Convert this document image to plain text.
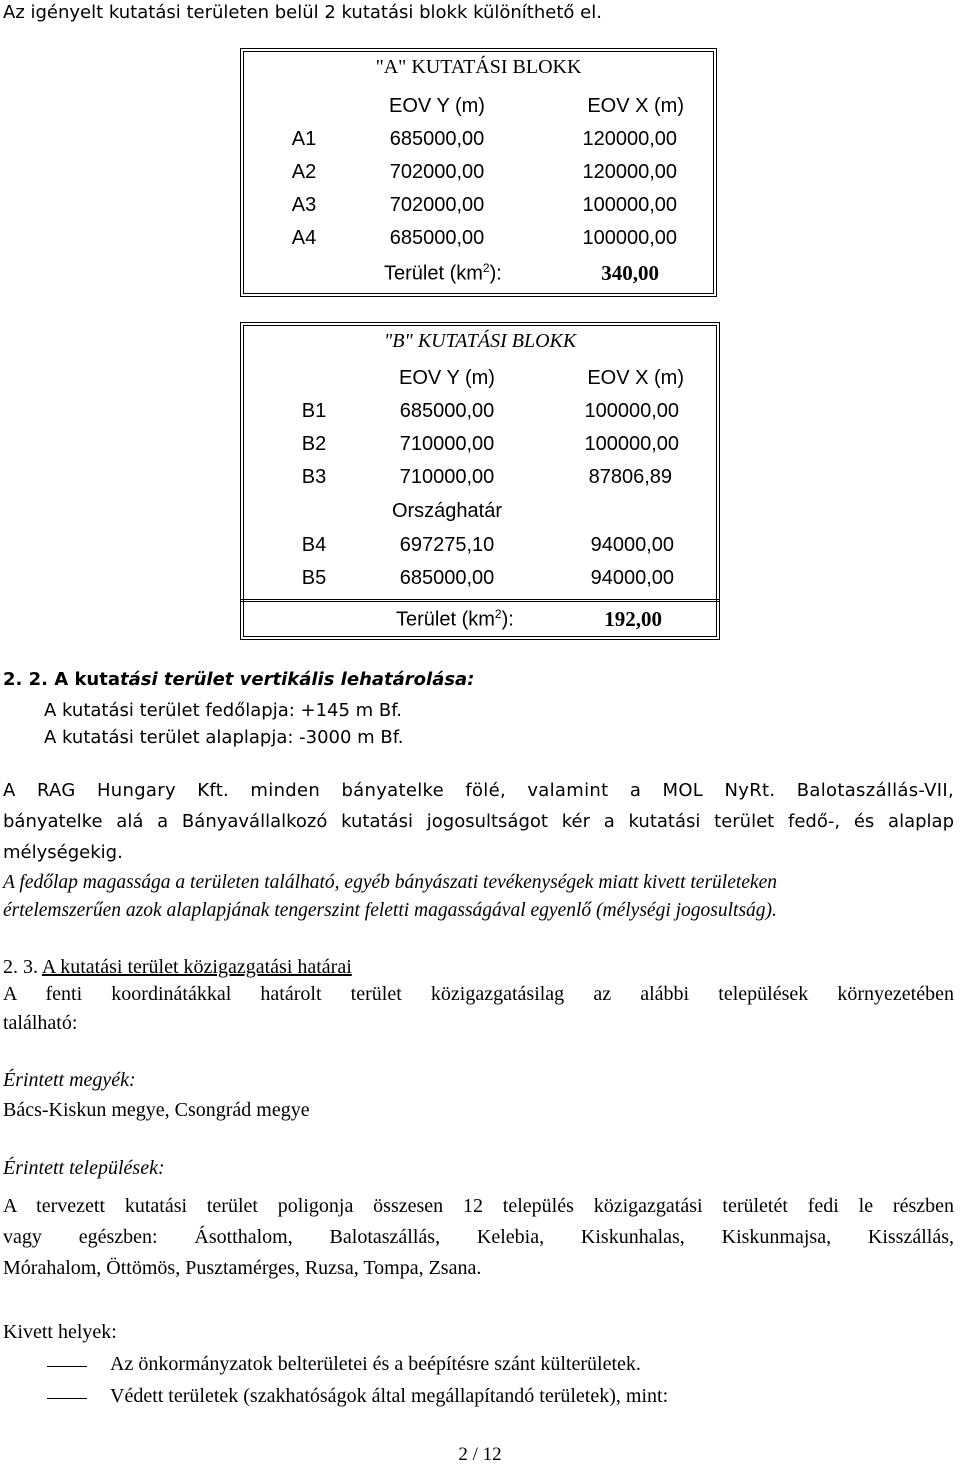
Az igényelt kutatási területen belül 2 kutatási blokk különíthető el.
"A" KUTATÁSI BLOKK
EOV Y (m)	EOV X (m)
A1	685000,00	120000,00
A2	702000,00	120000,00
A3	702000,00	100000,00
A4	685000,00	100000,00
Terület $(km^2)$:	340,00
"B" KUTATÁSI BLOKK
EOV Y (m)	EOV X (m)
B1	685000,00	100000,00
B2	710000,00	100000,00
B3	710000,00	87806,89
Országhatár
B4	697275,10	94000,00
B5	685000,00	94000,00
Terület $(km^2)$:	192,00
2. 2. A kutatási terület vertikális lehatárolása:
A kutatási terület fedőlapja: +145 m Bf.
A kutatási terület alaplapja: -3000 m Bf.
A RAG Hungary Kft. minden bányatelke fölé, valamint a MOL NyRt. Balotaszállás-VII,
bányatelke alá a Bányavállalkozó kutatási jogosultságot kér a kutatási terület fedő-, és alaplap
mélységekig.
A fedőlap magassága a területen található, egyéb bányászati tevékenységek miatt kivett területeken
értelemszerűen azok alaplapjának tengerszint feletti magasságával egyenlő (mélységi jogosultság).
2. 3. A kutatási terület közigazgatási határai
A fenti koordinátákkal határolt terület közigazgatásilag az alábbi települések környezetében
található:
Érintett megyék:
Bács-Kiskun megye, Csongrád megye
Érintett települések:
A tervezett kutatási terület poligonja összesen 12 település közigazgatási területét fedi le részben
vagy egészben: Ásotthalom, Balotaszállás, Kelebia, Kiskunhalas, Kiskunmajsa, Kisszállás,
Mórahalom, Öttömös, Pusztamérges, Ruzsa, Tompa, Zsana.
Kivett helyek:
Az önkormányzatok belterületei és a beépítésre szánt külterületek.
Védett területek (szakhatóságok által megállapítandó területek), mint:
2 / 12
